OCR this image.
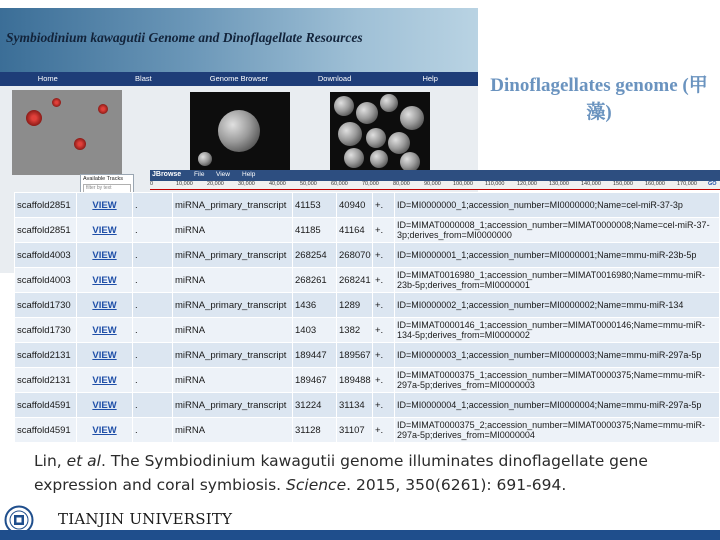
Symbiodinium kawagutii Genome and Dinoflagellate Resources
Home	Blast	Genome Browser	Download	Help
Available Tracks
filter by text
JBrowse File View Help
0	10,000	20,000	30,000	40,000	50,000	60,000	70,000	80,000	90,000 100,000 110,000 120,000 130,000 140,000 150,000 160,000 170,000 GO
Dinoflagellates genome (甲藻)
scaffold2851	VIEW	.	miRNA_primary_transcript	41153	40940	+.	ID=MI0000000_1;accession_number=MI0000000;Name=cel-miR-37-3p
scaffold2851	VIEW	.	miRNA	41185	41164	+.	ID=MIMAT0000008_1;accession_number=MIMAT0000008;Name=cel-miR-37-3p;derives_from=MI0000000
scaffold4003	VIEW	.	miRNA_primary_transcript	268254	268070	+.	ID=MI0000001_1;accession_number=MI0000001;Name=mmu-miR-23b-5p
scaffold4003	VIEW	.	miRNA	268261	268241	+.	ID=MIMAT0016980_1;accession_number=MIMAT0016980;Name=mmu-miR-23b-5p;derives_from=MI0000001
scaffold1730	VIEW	.	miRNA_primary_transcript	1436	1289	+.	ID=MI0000002_1;accession_number=MI0000002;Name=mmu-miR-134
scaffold1730	VIEW	.	miRNA	1403	1382	+.	ID=MIMAT0000146_1;accession_number=MIMAT0000146;Name=mmu-miR-134-5p;derives_from=MI0000002
scaffold2131	VIEW	.	miRNA_primary_transcript	189447	189567	+.	ID=MI0000003_1;accession_number=MI0000003;Name=mmu-miR-297a-5p
scaffold2131	VIEW	.	miRNA	189467	189488	+.	ID=MIMAT0000375_1;accession_number=MIMAT0000375;Name=mmu-miR-297a-5p;derives_from=MI0000003
scaffold4591	VIEW	.	miRNA_primary_transcript	31224	31134	+.	ID=MI0000004_1;accession_number=MI0000004;Name=mmu-miR-297a-5p
scaffold4591	VIEW	.	miRNA	31128	31107	+.	ID=MIMAT0000375_2;accession_number=MIMAT0000375;Name=mmu-miR-297a-5p;derives_from=MI0000004
Lin, et al. The Symbiodinium kawagutii genome illuminates dinoflagellate gene expression and coral symbiosis. Science. 2015, 350(6261): 691-694.
TIANJIN UNIVERSITY
